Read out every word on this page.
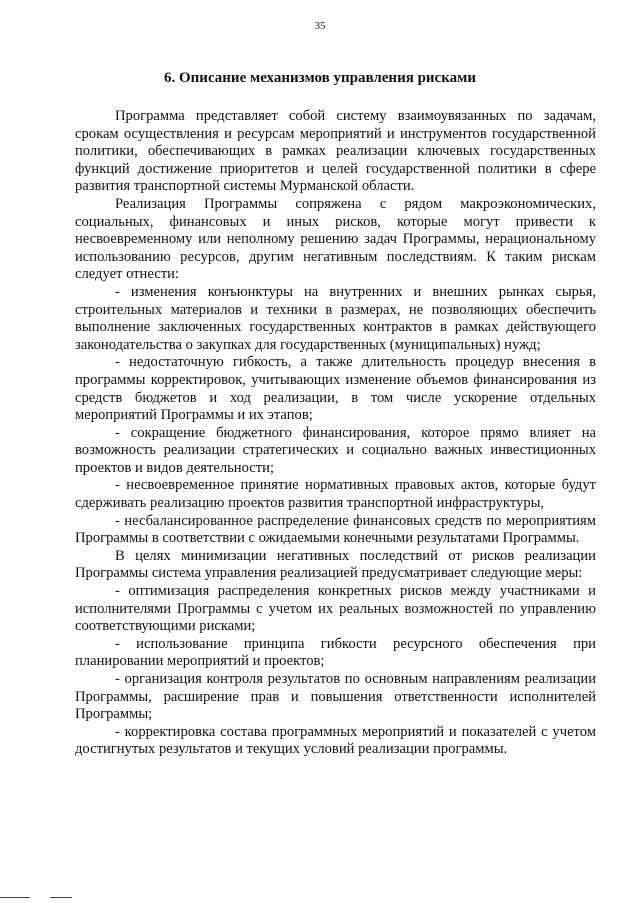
35
6. Описание механизмов управления рисками

Программа представляет собой систему взаимоувязанных по задачам, срокам осуществления и ресурсам мероприятий и инструментов государственной политики, обеспечивающих в рамках реализации ключевых государственных функций достижение приоритетов и целей государственной политики в сфере развития транспортной системы Мурманской области.

Реализация Программы сопряжена с рядом макроэкономических, социальных, финансовых и иных рисков, которые могут привести к несвоевременному или неполному решению задач Программы, нерациональному использованию ресурсов, другим негативным последствиям. К таким рискам следует отнести:

- изменения конъюнктуры на внутренних и внешних рынках сырья, строительных материалов и техники в размерах, не позволяющих обеспечить выполнение заключенных государственных контрактов в рамках действующего законодательства о закупках для государственных (муниципальных) нужд;

- недостаточную гибкость, а также длительность процедур внесения в программы корректировок, учитывающих изменение объемов финансирования из средств бюджетов и ход реализации, в том числе ускорение отдельных мероприятий Программы и их этапов;

- сокращение бюджетного финансирования, которое прямо влияет на возможность реализации стратегических и социально важных инвестиционных проектов и видов деятельности;

- несвоевременное принятие нормативных правовых актов, которые будут сдерживать реализацию проектов развития транспортной инфраструктуры,

- несбалансированное распределение финансовых средств по мероприятиям Программы в соответствии с ожидаемыми конечными результатами Программы.

В целях минимизации негативных последствий от рисков реализации Программы система управления реализацией предусматривает следующие меры:

- оптимизация распределения конкретных рисков между участниками и исполнителями Программы с учетом их реальных возможностей по управлению соответствующими рисками;

- использование принципа гибкости ресурсного обеспечения при планировании мероприятий и проектов;

- организация контроля результатов по основным направлениям реализации Программы, расширение прав и повышения ответственности исполнителей Программы;

- корректировка состава программных мероприятий и показателей с учетом достигнутых результатов и текущих условий реализации программы.
